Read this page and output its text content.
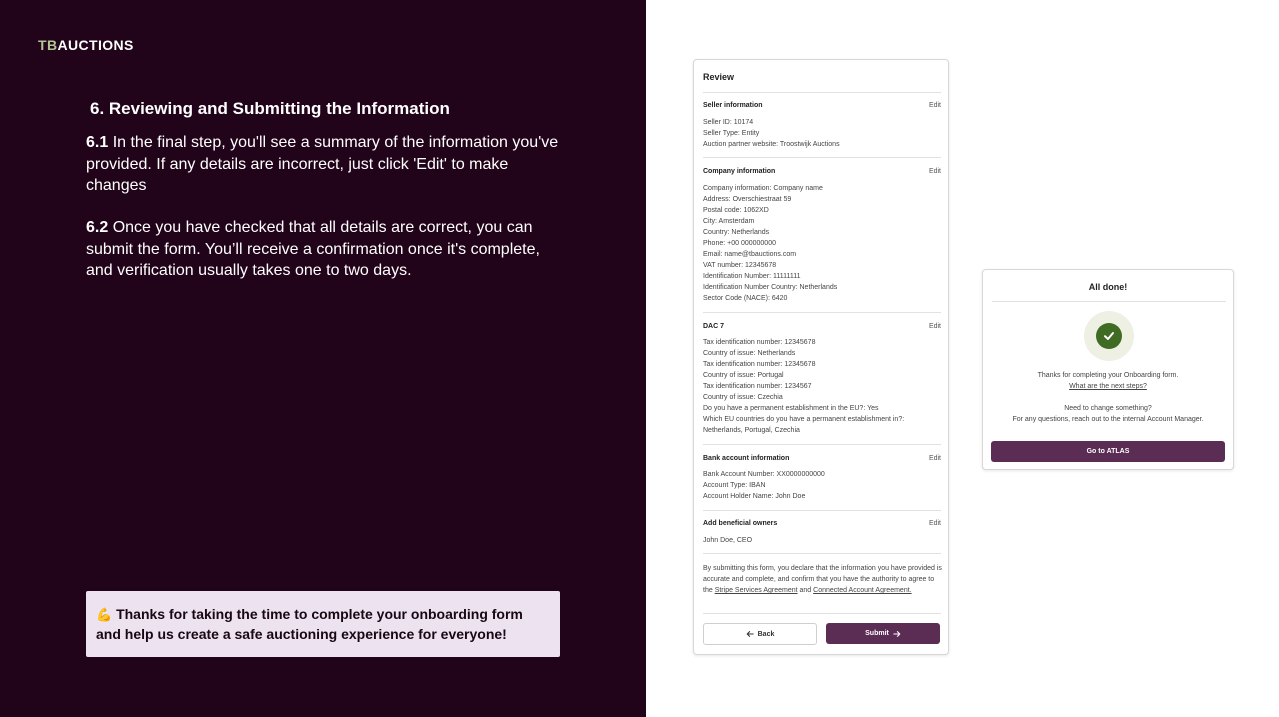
TBAUCTIONS
6. Reviewing and Submitting the Information
6.1 In the final step, you'll see a summary of the information you've provided. If any details are incorrect, just click 'Edit' to make changes
6.2 Once you have checked that all details are correct, you can submit the form. You’ll receive a confirmation once it's complete, and verification usually takes one to two days.
💪 Thanks for taking the time to complete your onboarding form and help us create a safe auctioning experience for everyone!
Review
Seller information	Edit
Seller ID: 10174
Seller Type: Entity
Auction partner website: Troostwijk Auctions
Company information	Edit
Company information: Company name
Address: Overschiestraat 59
Postal code: 1062XD
City: Amsterdam
Country: Netherlands
Phone: +00 000000000
Email: name@tbauctions.com
VAT number: 12345678
Identification Number: 11111111
Identification Number Country: Netherlands
Sector Code (NACE): 6420
DAC 7	Edit
Tax identification number: 12345678
Country of issue: Netherlands
Tax identification number: 12345678
Country of issue: Portugal
Tax identification number: 1234567
Country of issue: Czechia
Do you have a permanent establishment in the EU?: Yes
Which EU countries do you have a permanent establishment in?:
Netherlands, Portugal, Czechia
Bank account information	Edit
Bank Account Number: XX0000000000
Account Type: IBAN
Account Holder Name: John Doe
Add beneficial owners	Edit
John Doe, CEO
By submitting this form, you declare that the information you have provided is accurate and complete, and confirm that you have the authority to agree to the Stripe Services Agreement and Connected Account Agreement.
Back	Submit
All done!
Thanks for completing your Onboarding form.
What are the next steps?
Need to change something?
For any questions, reach out to the internal Account Manager.
Go to ATLAS
